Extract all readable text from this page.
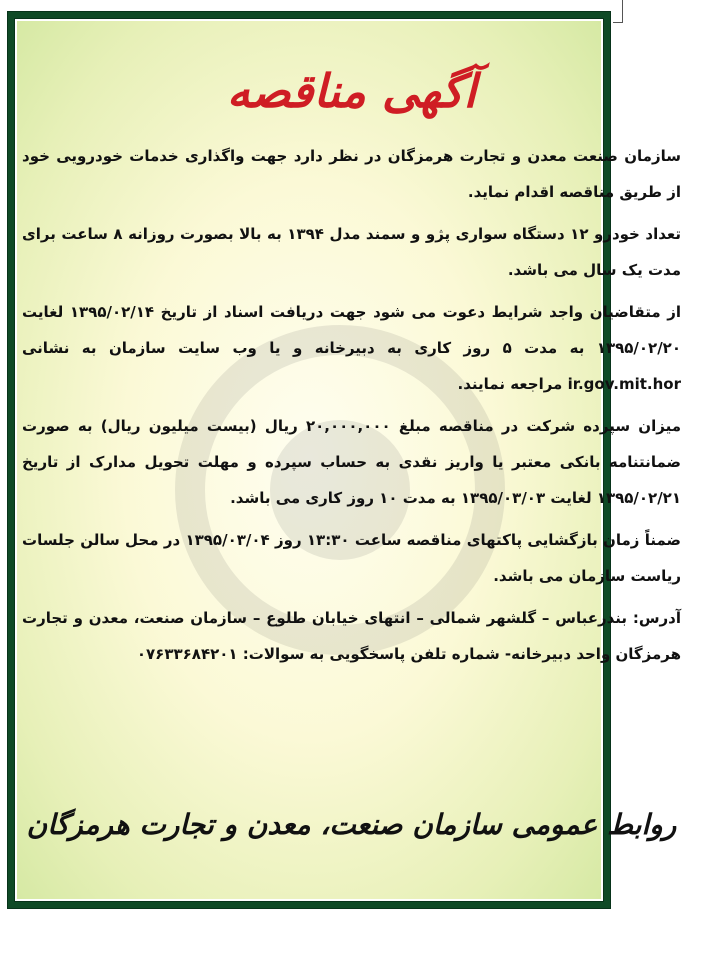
آگهی مناقصه

سازمان صنعت معدن و تجارت هرمزگان در نظر دارد جهت واگذاری خدمات خودرویی خود از طریق مناقصه اقدام نماید.

تعداد خودرو ۱۲ دستگاه سواری پژو و سمند مدل ۱۳۹۴ به بالا بصورت روزانه ۸ ساعت برای مدت یک سال می باشد.

از متقاضیان واجد شرایط دعوت می شود جهت دریافت اسناد از تاریخ ۱۳۹۵/۰۲/۱۴ لغایت ۱۳۹۵/۰۲/۲۰ به مدت ۵ روز کاری به دبیرخانه و یا وب سایت سازمان به نشانی ir.gov.mit.hor مراجعه نمایند.

میزان سپرده شرکت در مناقصه مبلغ ۲۰,۰۰۰,۰۰۰ ریال (بیست میلیون ریال) به صورت ضمانتنامه بانکی معتبر یا واریز نقدی به حساب سپرده و مهلت تحویل مدارک از تاریخ ۱۳۹۵/۰۲/۲۱ لغایت ۱۳۹۵/۰۳/۰۳ به مدت ۱۰ روز کاری می باشد.

ضمناً زمان بازگشایی پاکتهای مناقصه ساعت ۱۳:۳۰ روز ۱۳۹۵/۰۳/۰۴ در محل سالن جلسات ریاست سازمان می باشد.

آدرس: بندرعباس – گلشهر شمالی – انتهای خیابان طلوع – سازمان صنعت، معدن و تجارت هرمزگان واحد دبیرخانه- شماره تلفن پاسخگویی به سوالات: ۰۷۶۳۳۶۸۴۲۰۱

روابط عمومی سازمان صنعت، معدن و تجارت هرمزگان
